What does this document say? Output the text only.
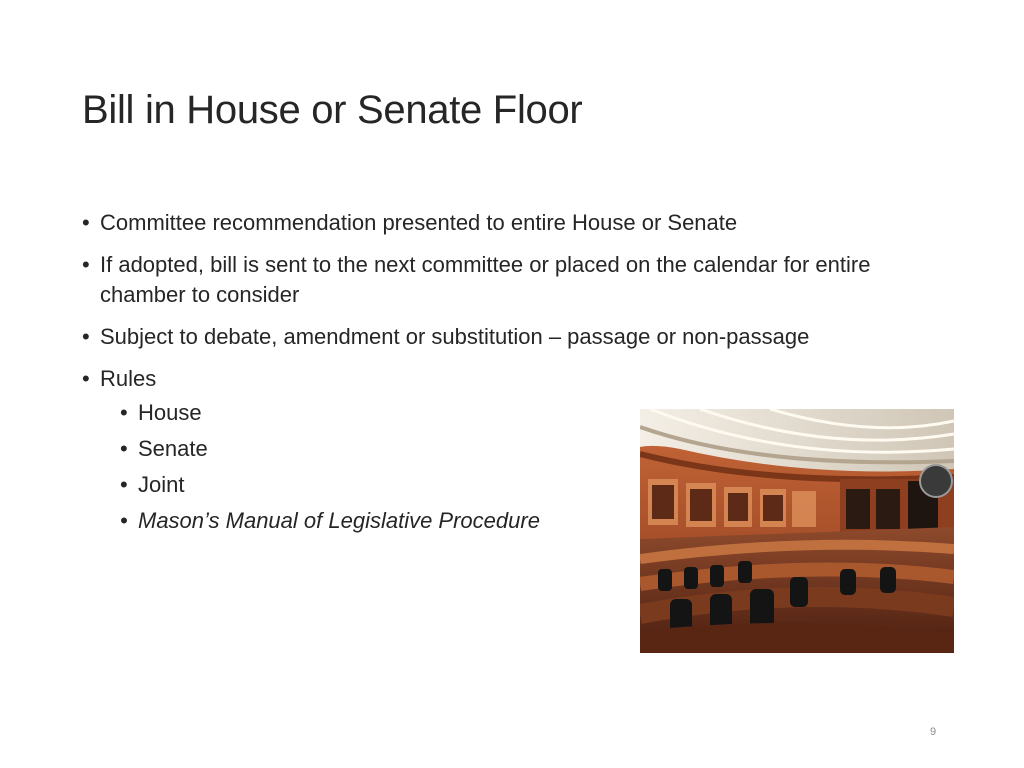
Bill in House or Senate Floor
• Committee recommendation presented to entire House or Senate
• If adopted, bill is sent to the next committee or placed on the calendar for entire chamber to consider
• Subject to debate, amendment or substitution – passage or non-passage
• Rules
• House
• Senate
• Joint
• Mason’s Manual of Legislative Procedure
9
